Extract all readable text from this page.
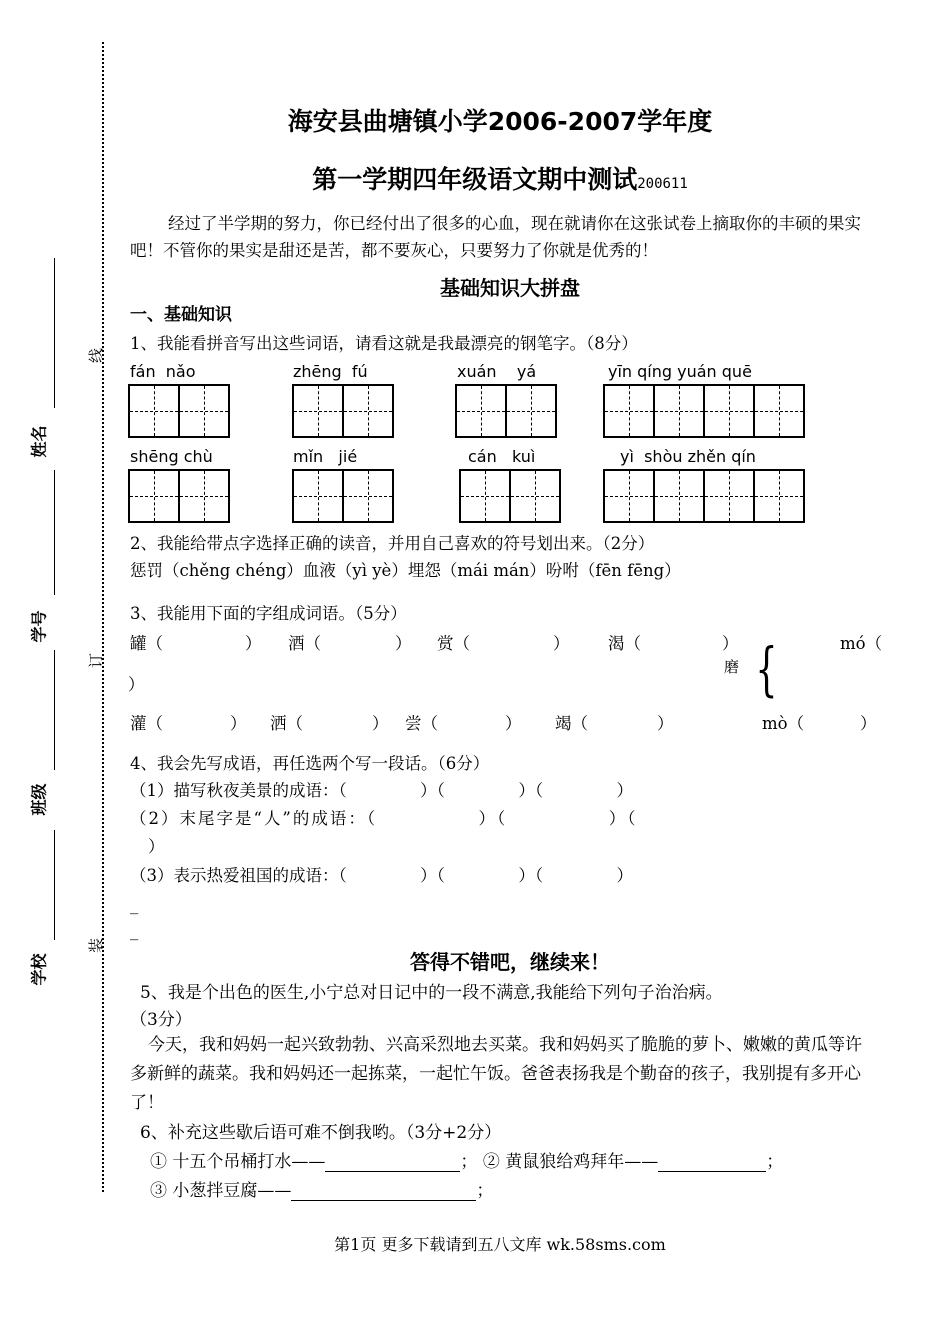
姓名
学号
班级
学校
线
订
装
海安县曲塘镇小学2006-2007学年度
第一学期四年级语文期中测试200611
经过了半学期的努力，你已经付出了很多的心血，现在就请你在这张试卷上摘取你的丰硕的果实吧！不管你的果实是甜还是苦，都不要灰心，只要努力了你就是优秀的！
基础知识大拼盘
一、基础知识
1、我能看拼音写出这些词语，请看这就是我最漂亮的钢笔字。（8分）
fán  nǎo	zhēng  fú	xuán    yá	yīn qíng yuán quē
shēng chù	mǐn   jié	cán   kuì	yì  shòu zhěn qín
2、我能给带点字选择正确的读音，并用自己喜欢的符号划出来。（2分）
惩罚（chěng chéng）血液（yì yè）埋怨（mái mán）吩咐（fēn fēng）
3、我能用下面的字组成词语。（5分）
罐（	） 酒（	） 赏（	） 渴（	）	mó（
）
磨 {
灌（	） 洒（	） 尝（	） 竭（	）	mò（	）
4、我会先写成语，再任选两个写一段话。（6分）
（1）描写秋夜美景的成语：（              ）（              ）（              ）
（2）末尾字是“人”的成语：（              ）（              ）（
）
（3）表示热爱祖国的成语：（              ）（              ）（              ）
_
_
答得不错吧，继续来！
5、我是个出色的医生,小宁总对日记中的一段不满意,我能给下列句子治治病。
（3分）
今天，我和妈妈一起兴致勃勃、兴高采烈地去买菜。我和妈妈买了脆脆的萝卜、嫩嫩的黄瓜等许多新鲜的蔬菜。我和妈妈还一起拣菜，一起忙午饭。爸爸表扬我是个勤奋的孩子，我别提有多开心了！
6、补充这些歇后语可难不倒我哟。（3分+2分）
① 十五个吊桶打水——	； ② 黄鼠狼给鸡拜年——	；
③ 小葱拌豆腐——	；
第1页 更多下载请到五八文库 wk.58sms.com
